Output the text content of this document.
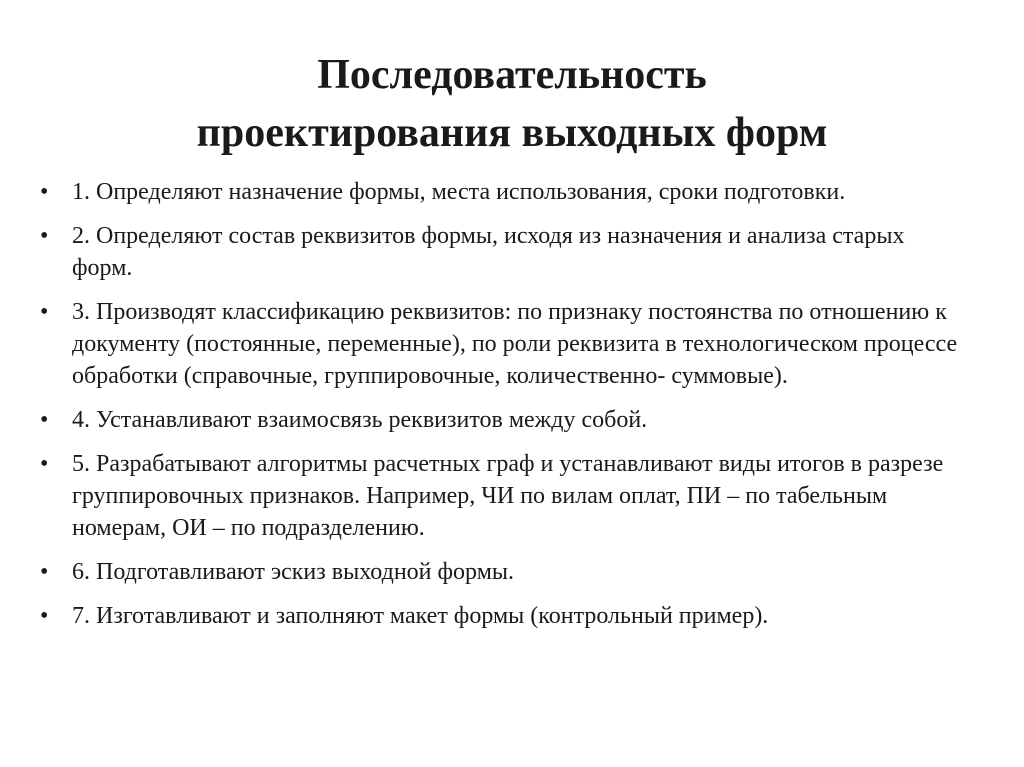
Последовательность
проектирования выходных форм
• 1. Определяют назначение формы, места использования, сроки подготовки.
• 2. Определяют состав реквизитов формы, исходя из назначения и анализа старых форм.
• 3. Производят классификацию реквизитов: по признаку постоянства по отношению к документу (постоянные, переменные), по роли реквизита в технологическом процессе обработки (справочные, группировочные, количественно- суммовые).
• 4. Устанавливают взаимосвязь реквизитов между собой.
• 5. Разрабатывают алгоритмы расчетных граф и устанавливают виды итогов в разрезе группировочных признаков. Например, ЧИ по вилам оплат, ПИ – по табельным номерам, ОИ – по подразделению.
• 6. Подготавливают эскиз выходной формы.
• 7. Изготавливают и заполняют макет формы (контрольный пример).
